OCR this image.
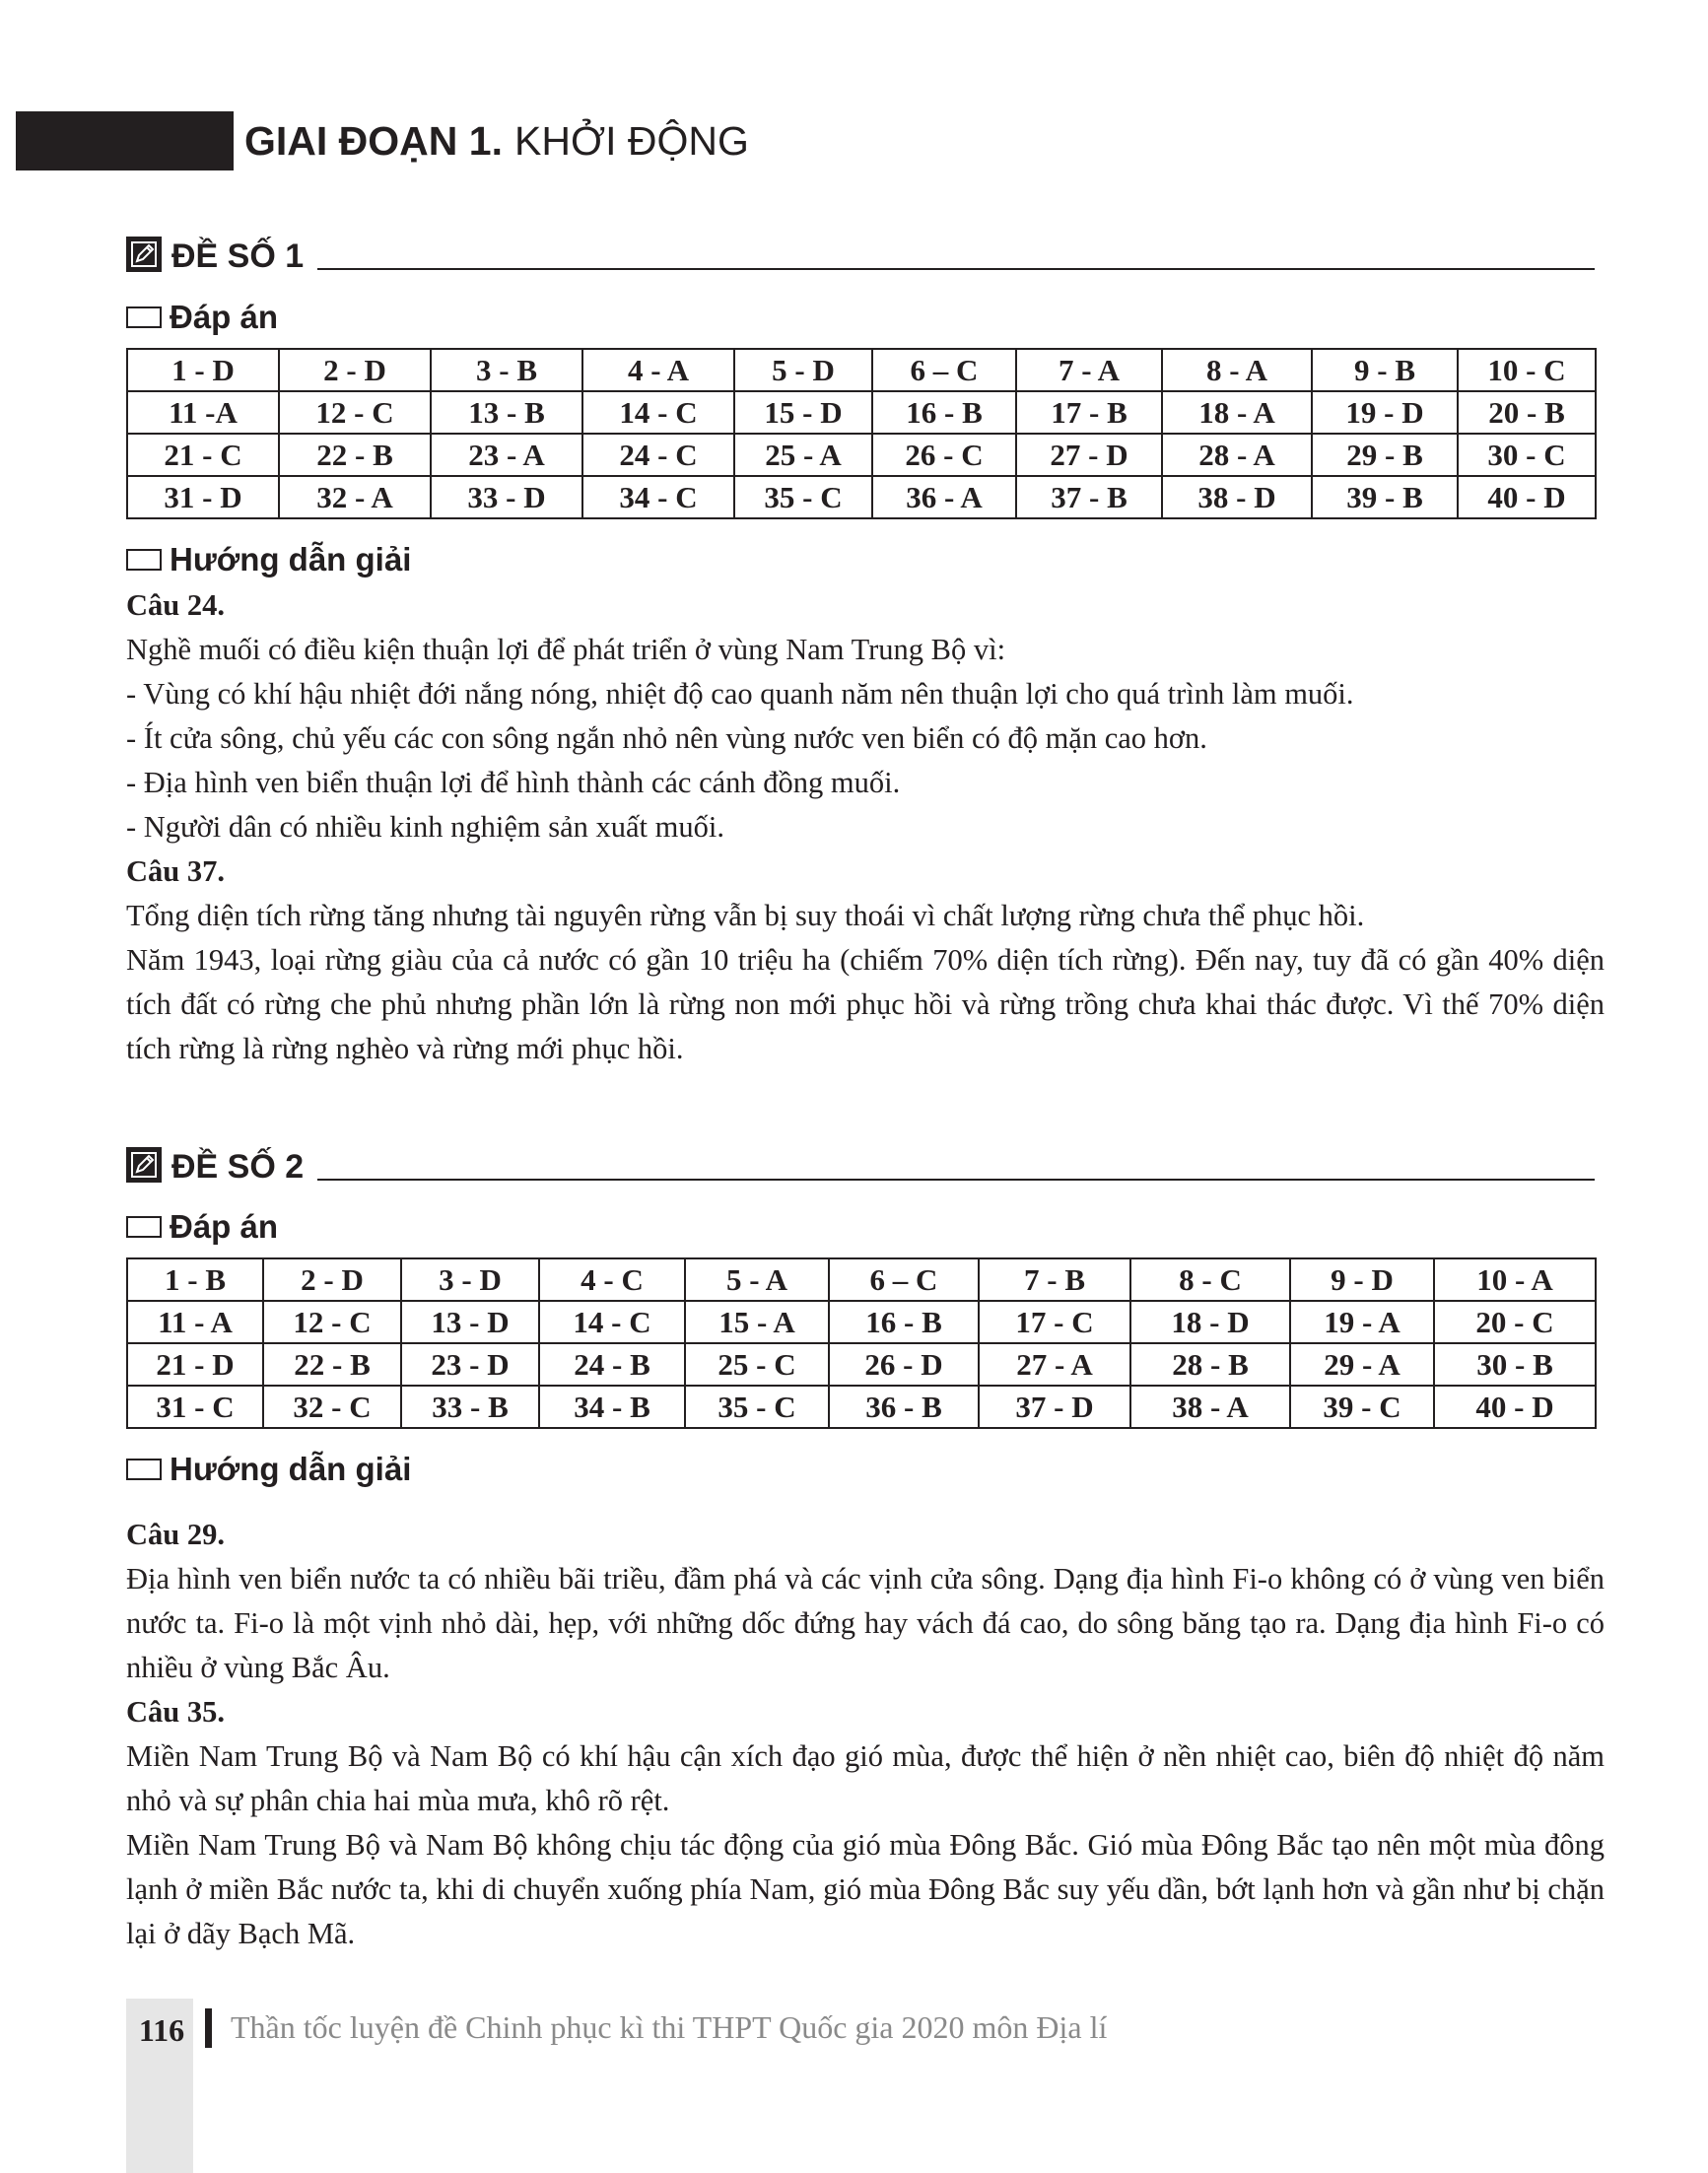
GIAI ĐOẠN 1. KHỞI ĐỘNG
ĐỀ SỐ 1
Đáp án
1 - D	2 - D	3 - B	4 - A	5 - D	6 – C	7 - A	8 - A	9 - B	10 - C
11 -A	12 - C	13 - B	14 - C	15 - D	16 - B	17 - B	18 - A	19 - D	20 - B
21 - C	22 - B	23 - A	24 - C	25 - A	26 - C	27 - D	28 - A	29 - B	30 - C
31 - D	32 - A	33 - D	34 - C	35 - C	36 - A	37 - B	38 - D	39 - B	40 - D
Hướng dẫn giải

Câu 24.

Nghề muối có điều kiện thuận lợi để phát triển ở vùng Nam Trung Bộ vì:

- Vùng có khí hậu nhiệt đới nắng nóng, nhiệt độ cao quanh năm nên thuận lợi cho quá trình làm muối.

- Ít cửa sông, chủ yếu các con sông ngắn nhỏ nên vùng nước ven biển có độ mặn cao hơn.

- Địa hình ven biển thuận lợi để hình thành các cánh đồng muối.

- Người dân có nhiều kinh nghiệm sản xuất muối.

Câu 37.

Tổng diện tích rừng tăng nhưng tài nguyên rừng vẫn bị suy thoái vì chất lượng rừng chưa thể phục hồi.

Năm 1943, loại rừng giàu của cả nước có gần 10 triệu ha (chiếm 70% diện tích rừng). Đến nay, tuy đã có gần 40% diện tích đất có rừng che phủ nhưng phần lớn là rừng non mới phục hồi và rừng trồng chưa khai thác được. Vì thế 70% diện tích rừng là rừng nghèo và rừng mới phục hồi.

ĐỀ SỐ 2
Đáp án
1 - B	2 - D	3 - D	4 - C	5 - A	6 – C	7 - B	8 - C	9 - D	10 - A
11 - A	12 - C	13 - D	14 - C	15 - A	16 - B	17 - C	18 - D	19 - A	20 - C
21 - D	22 - B	23 - D	24 - B	25 - C	26 - D	27 - A	28 - B	29 - A	30 - B
31 - C	32 - C	33 - B	34 - B	35 - C	36 - B	37 - D	38 - A	39 - C	40 - D
Hướng dẫn giải

Câu 29.

Địa hình ven biển nước ta có nhiều bãi triều, đầm phá và các vịnh cửa sông. Dạng địa hình Fi-o không có ở vùng ven biển nước ta. Fi-o là một vịnh nhỏ dài, hẹp, với những dốc đứng hay vách đá cao, do sông băng tạo ra. Dạng địa hình Fi-o có nhiều ở vùng Bắc Âu.

Câu 35.

Miền Nam Trung Bộ và Nam Bộ có khí hậu cận xích đạo gió mùa, được thể hiện ở nền nhiệt cao, biên độ nhiệt độ năm nhỏ và sự phân chia hai mùa mưa, khô rõ rệt.

Miền Nam Trung Bộ và Nam Bộ không chịu tác động của gió mùa Đông Bắc. Gió mùa Đông Bắc tạo nên một mùa đông lạnh ở miền Bắc nước ta, khi di chuyển xuống phía Nam, gió mùa Đông Bắc suy yếu dần, bớt lạnh hơn và gần như bị chặn lại ở dãy Bạch Mã.

116 Thần tốc luyện đề Chinh phục kì thi THPT Quốc gia 2020 môn Địa lí
